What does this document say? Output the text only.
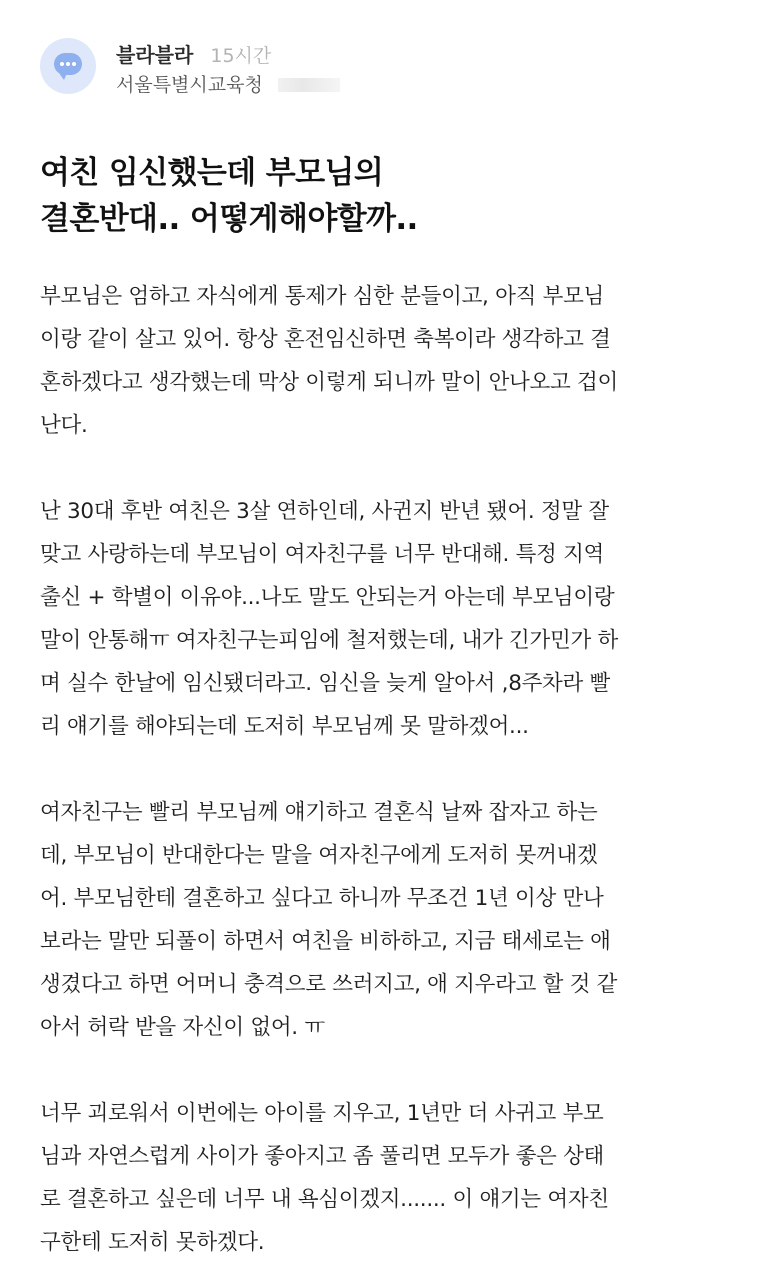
블라블라 15시간
서울특별시교육청
여친 임신했는데 부모님의
결혼반대.. 어떻게해야할까..

부모님은 엄하고 자식에게 통제가 심한 분들이고, 아직 부모님
이랑 같이 살고 있어. 항상 혼전임신하면 축복이라 생각하고 결
혼하겠다고 생각했는데 막상 이렇게 되니까 말이 안나오고 겁이
난다.

난 30대 후반 여친은 3살 연하인데, 사귄지 반년 됐어. 정말 잘
맞고 사랑하는데 부모님이 여자친구를 너무 반대해. 특정 지역
출신 + 학별이 이유야...나도 말도 안되는거 아는데 부모님이랑
말이 안통해ㅠ 여자친구는피임에 철저했는데, 내가 긴가민가 하
며 실수 한날에 임신됐더라고. 임신을 늦게 알아서 ,8주차라 빨
리 얘기를 해야되는데 도저히 부모님께 못 말하겠어...

여자친구는 빨리 부모님께 얘기하고 결혼식 날짜 잡자고 하는
데, 부모님이 반대한다는 말을 여자친구에게 도저히 못꺼내겠
어. 부모님한테 결혼하고 싶다고 하니까 무조건 1년 이상 만나
보라는 말만 되풀이 하면서 여친을 비하하고, 지금 태세로는 애
생겼다고 하면 어머니 충격으로 쓰러지고, 애 지우라고 할 것 같
아서 허락 받을 자신이 없어. ㅠ

너무 괴로워서 이번에는 아이를 지우고, 1년만 더 사귀고 부모
님과 자연스럽게 사이가 좋아지고 좀 풀리면 모두가 좋은 상태
로 결혼하고 싶은데 너무 내 욕심이겠지....... 이 얘기는 여자친
구한테 도저히 못하겠다.
